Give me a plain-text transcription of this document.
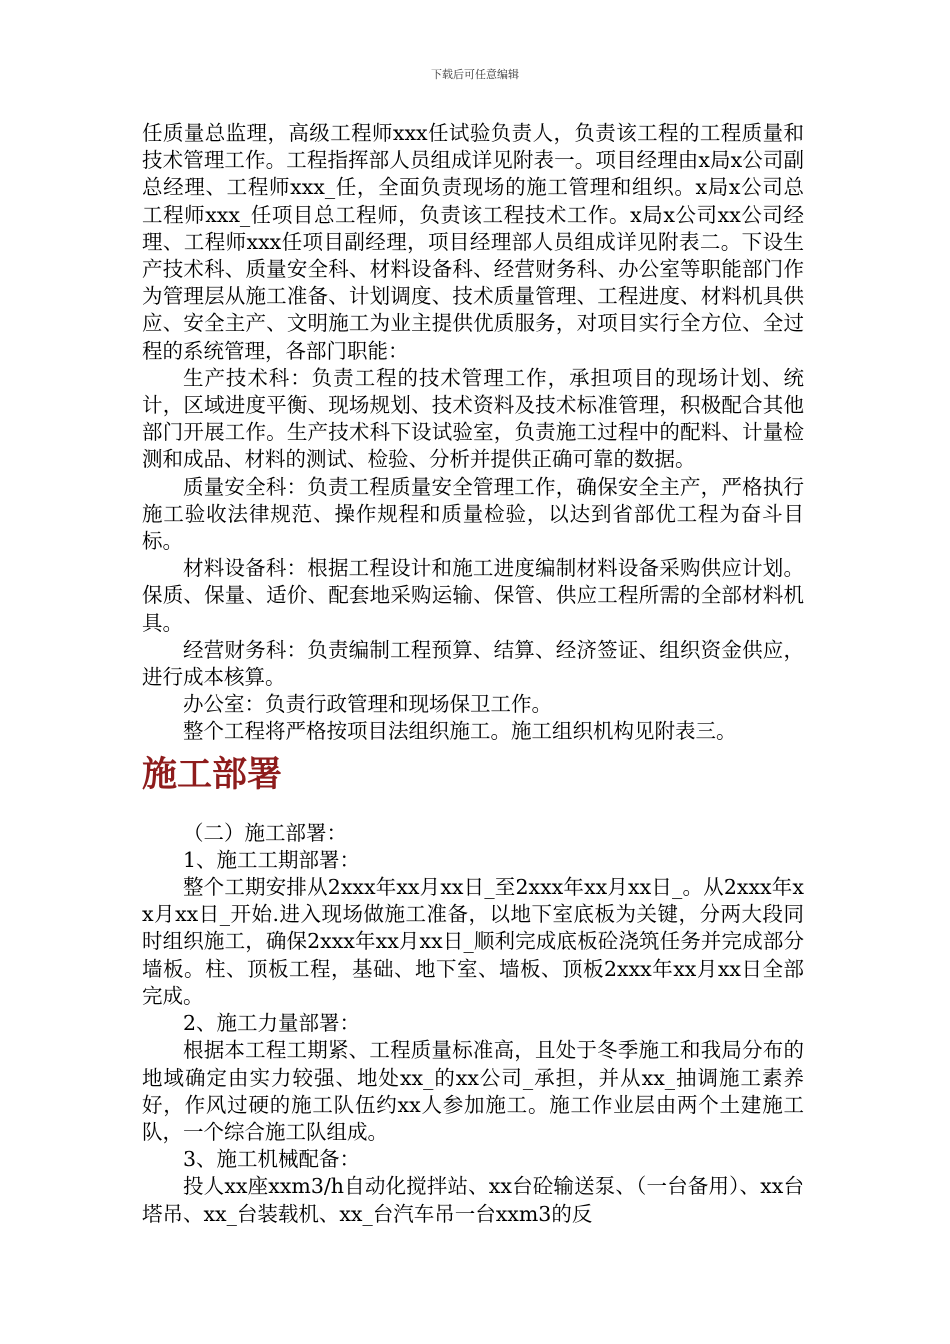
下载后可任意编辑

任质量总监理，高级工程师xxx任试验负责人，负责该工程的工程质量和技术管理工作。工程指挥部人员组成详见附表一。项目经理由x局x公司副总经理、工程师xxx_任，全面负责现场的施工管理和组织。x局x公司总工程师xxx_任项目总工程师，负责该工程技术工作。x局x公司xx公司经理、工程师xxx任项目副经理，项目经理部人员组成详见附表二。下设生产技术科、质量安全科、材料设备科、经营财务科、办公室等职能部门作为管理层从施工准备、计划调度、技术质量管理、工程进度、材料机具供应、安全主产、文明施工为业主提供优质服务，对项目实行全方位、全过程的系统管理，各部门职能：

生产技术科：负责工程的技术管理工作，承担项目的现场计划、统计，区域进度平衡、现场规划、技术资料及技术标准管理，积极配合其他部门开展工作。生产技术科下设试验室，负责施工过程中的配料、计量检测和成品、材料的测试、检验、分析并提供正确可靠的数据。

质量安全科：负责工程质量安全管理工作，确保安全主产，严格执行施工验收法律规范、操作规程和质量检验，以达到省部优工程为奋斗目标。

材料设备科：根据工程设计和施工进度编制材料设备采购供应计划。保质、保量、适价、配套地采购运输、保管、供应工程所需的全部材料机具。

经营财务科：负责编制工程预算、结算、经济签证、组织资金供应，进行成本核算。

办公室：负责行政管理和现场保卫工作。

整个工程将严格按项目法组织施工。施工组织机构见附表三。

施工部署

（二）施工部署：

1、施工工期部署：

整个工期安排从2xxx年xx月xx日_至2xxx年xx月xx日_。从2xxx年xx月xx日_开始.进入现场做施工准备，以地下室底板为关键，分两大段同时组织施工，确保2xxx年xx月xx日_顺利完成底板砼浇筑任务并完成部分墙板。柱、顶板工程，基础、地下室、墙板、顶板2xxx年xx月xx日全部完成。

2、施工力量部署：

根据本工程工期紧、工程质量标准高，且处于冬季施工和我局分布的地域确定由实力较强、地处xx_的xx公司_承担，并从xx_抽调施工素养好，作风过硬的施工队伍约xx人参加施工。施工作业层由两个土建施工队，一个综合施工队组成。

3、施工机械配备：

投人xx座xxm3/h自动化搅拌站、xx台砼输送泵、（一台备用）、xx台塔吊、xx_台装载机、xx_台汽车吊一台xxm3的反
